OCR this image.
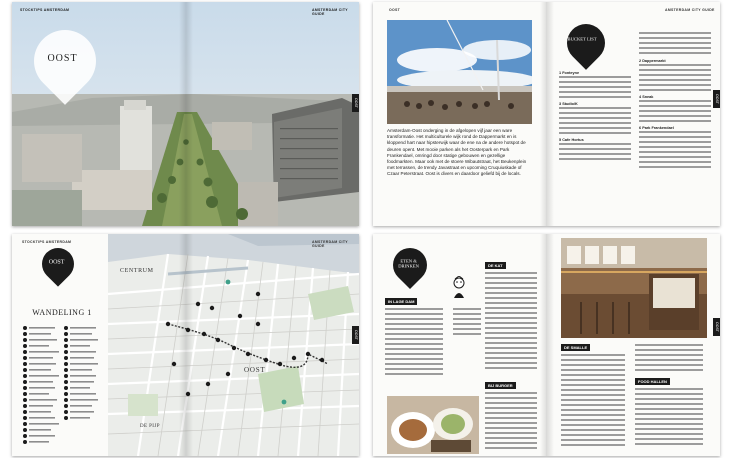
STOCKTIPS AMSTERDAM	AMSTERDAM CITY GUIDE
OOST
OOST
OOST

Amsterdam-Oost onderging in de afgelopen vijf jaar een ware transformatie. Het multiculturele wijk rond de Dappermarkt en is kloppend hart naar hipsterwijk waar de ene na de andere hotspot de deuren opent. Met mooie parken als het Oosterpark en Park Frankendael, omringd door statige gebouwen en gezellige foodmarkten. Maar ook met de stoere Wibautstraat, het Beukenplein met terrassen, de trendy Javastraat en upcoming Cruquiuskade of Czaar Peterstraat. Oost is divers en daardoor geliefd bij de locals.

AMSTERDAM CITY GUIDE
BUCKET LIST
1 Fonteyne
3 Studio/K
5 Cafe Hortus
2 Dappermarkt
4 Sneak
6 Park Frankendael
OOST
STOCKTIPS AMSTERDAM
OOST
WANDELING 1
CENTRUM
OOST
DE PIJP
AMSTERDAM CITY GUIDE
OOST
ETEN & DRINKEN
IN LAGE DAM
DE KAT
BIJ BURGER
DE SMALLE
FOOD HALLEN
OOST
